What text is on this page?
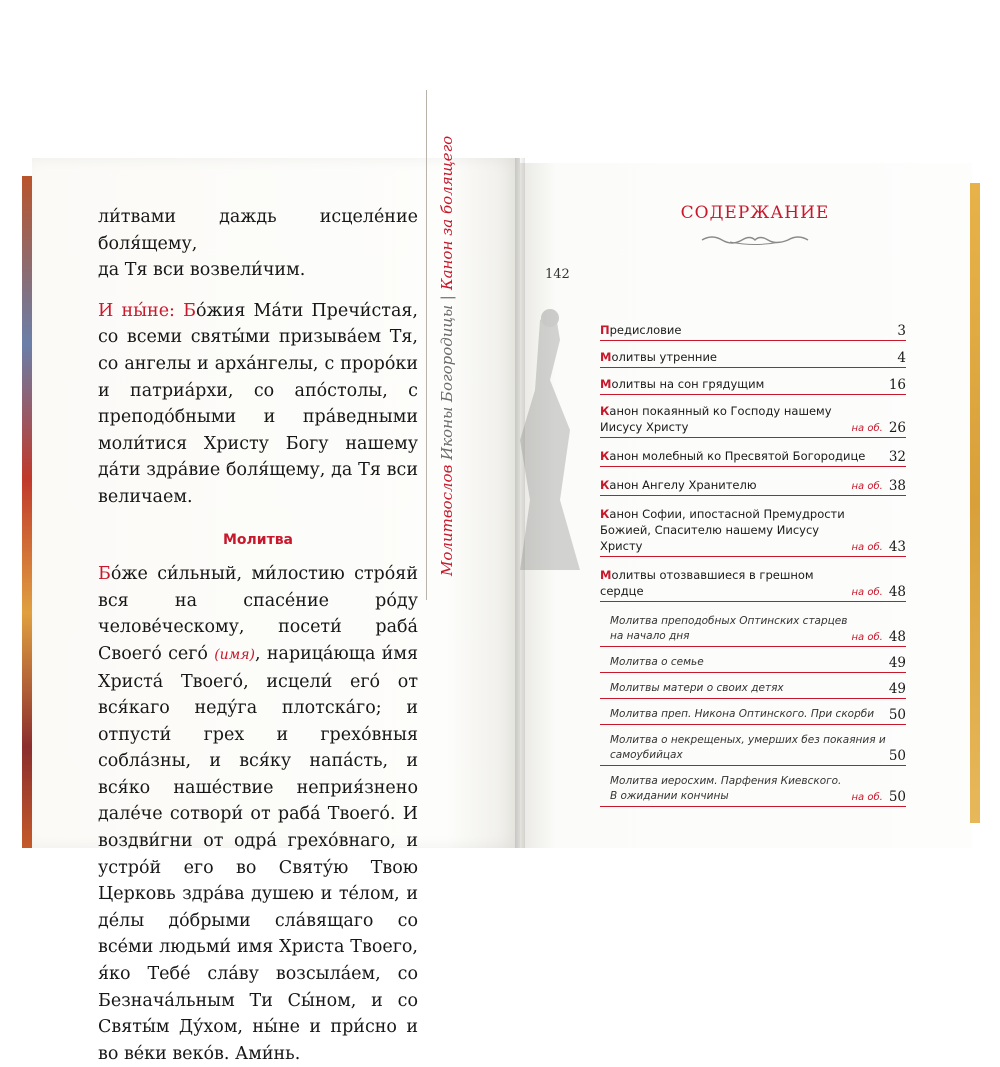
ли́твами даждь исцеле́ние боля́щему,

да Тя вси возвели́чим.

И ны́не: Бо́жия Ма́ти Пречи́стая, со всеми святы́ми призыва́ем Тя, со ангелы и арха́нгелы, с проро́ки и патриа́рхи, со апо́столы, с преподо́бными и пра́ведными моли́тися Христу Богу нашему да́ти здра́вие боля́щему, да Тя вси величаем.

Молитва

Бо́же си́льный, ми́лостию стро́яй вся на спасе́ние ро́ду челове́ческому, посети́ раба́ Своего́ сего́ (имя), нарица́юща и́мя Христа́ Твоего́, исцели́ его́ от вся́каго неду́га плотска́го; и отпусти́ грех и грехо́вныя собла́зны, и вся́ку напа́сть, и вся́ко наше́ствие неприя́знено дале́че сотвори́ от раба́ Твоего́. И воздви́гни от одра́ грехо́внаго, и устро́й его во Святу́ю Твою Церковь здра́ва душею и те́лом, и де́лы до́брыми сла́вящаго со все́ми людьми́ имя Христа Твоего, я́ко Тебе́ сла́ву возсыла́ем, со Безнача́льным Ти Сы́ном, и со Святы́м Ду́хом, ны́не и при́сно и во ве́ки веко́в. Ами́нь.

Молитвослов

Иконы Богородицы
|
Канон за болящего	СОДЕРЖАНИЕ
142
Предисловие	3
Молитвы утренние	4
Молитвы на сон грядущим	16
Канон покаянный ко Господу нашему Иисусу Христу	на об. 26
Канон молебный ко Пресвятой Богородице	32
Канон Ангелу Хранителю	на об. 38
Канон Софии, ипостасной Премудрости Божией, Спасителю нашему Иисусу Христу	на об. 43
Молитвы отозвавшиеся в грешном сердце	на об. 48
Молитва преподобных Оптинских старцев на начало дня	на об. 48
Молитва о семье	49
Молитвы матери о своих детях	49
Молитва преп. Никона Оптинского. При скорби	50
Молитва о некрещеных, умерших без покаяния и самоубийцах	50
Молитва иеросхим. Парфения Киевского. В ожидании кончины	на об. 50
